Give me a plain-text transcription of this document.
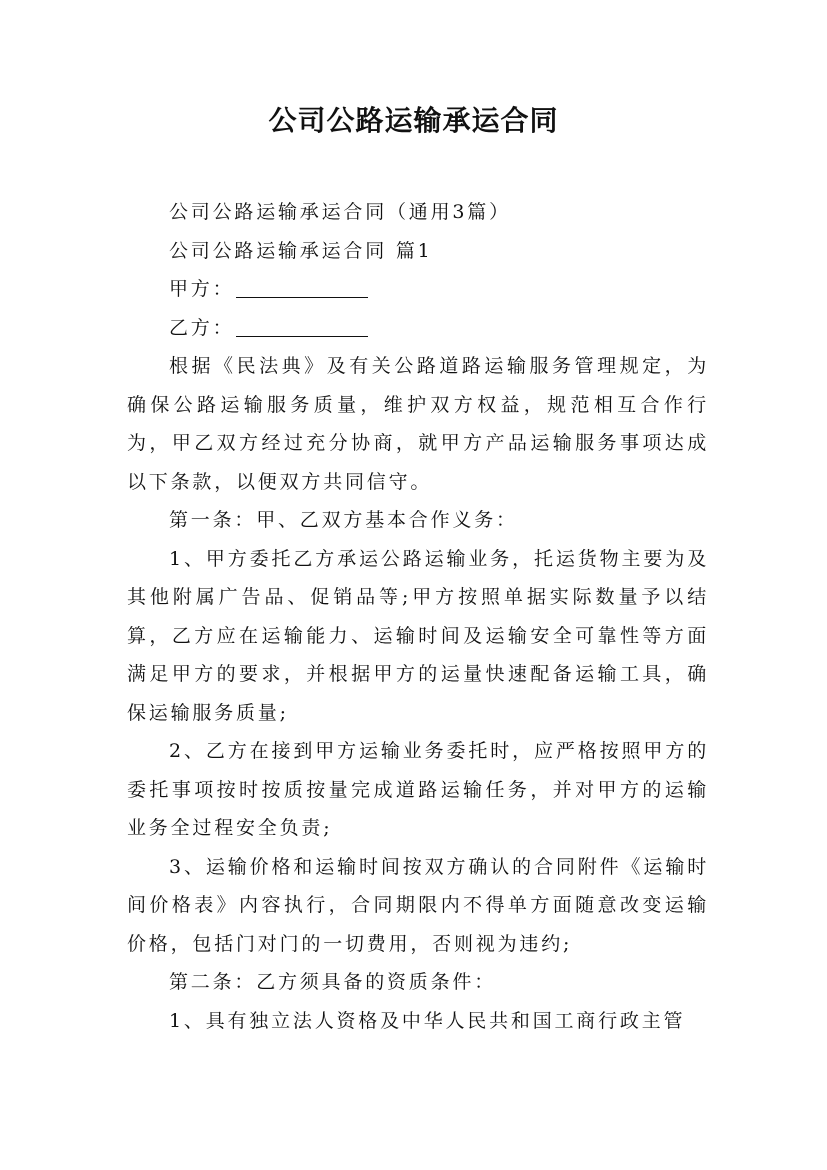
公司公路运输承运合同

公司公路运输承运合同（通用3篇）

公司公路运输承运合同 篇1

甲方：

乙方：

根据《民法典》及有关公路道路运输服务管理规定，为确保公路运输服务质量，维护双方权益，规范相互合作行为，甲乙双方经过充分协商，就甲方产品运输服务事项达成以下条款，以便双方共同信守。

第一条：甲、乙双方基本合作义务：

1、甲方委托乙方承运公路运输业务，托运货物主要为及其他附属广告品、促销品等;甲方按照单据实际数量予以结算，乙方应在运输能力、运输时间及运输安全可靠性等方面满足甲方的要求，并根据甲方的运量快速配备运输工具，确保运输服务质量;

2、乙方在接到甲方运输业务委托时，应严格按照甲方的委托事项按时按质按量完成道路运输任务，并对甲方的运输业务全过程安全负责;

3、运输价格和运输时间按双方确认的合同附件《运输时间价格表》内容执行，合同期限内不得单方面随意改变运输价格，包括门对门的一切费用，否则视为违约;

第二条：乙方须具备的资质条件：

1、具有独立法人资格及中华人民共和国工商行政主管
